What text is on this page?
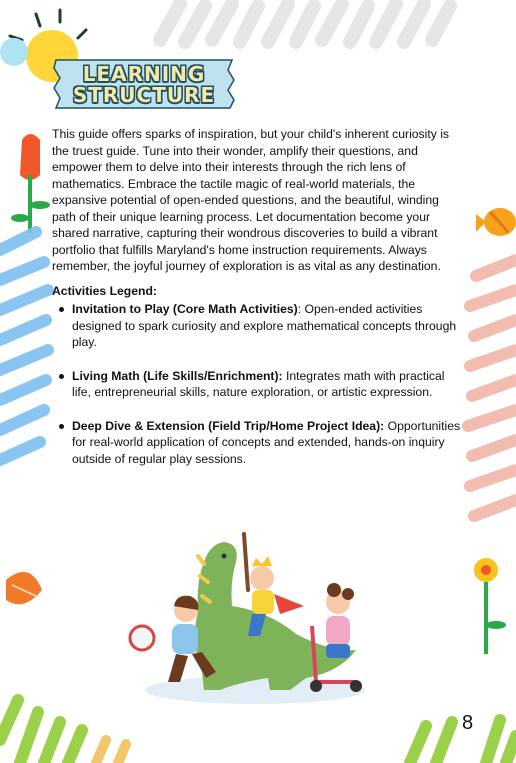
LEARNING
STRUCTURE
This guide offers sparks of inspiration, but your child's inherent curiosity is the truest guide. Tune into their wonder, amplify their questions, and empower them to delve into their interests through the rich lens of mathematics. Embrace the tactile magic of real-world materials, the expansive potential of open-ended questions, and the beautiful, winding path of their unique learning process. Let documentation become your shared narrative, capturing their wondrous discoveries to build a vibrant portfolio that fulfills Maryland's home instruction requirements. Always remember, the joyful journey of exploration is as vital as any destination.
Activities Legend:
Invitation to Play (Core Math Activities): Open-ended activities designed to spark curiosity and explore mathematical concepts through play.
Living Math (Life Skills/Enrichment): Integrates math with practical life, entrepreneurial skills, nature exploration, or artistic expression.
Deep Dive & Extension (Field Trip/Home Project Idea): Opportunities for real-world application of concepts and extended, hands-on inquiry outside of regular play sessions.
8
